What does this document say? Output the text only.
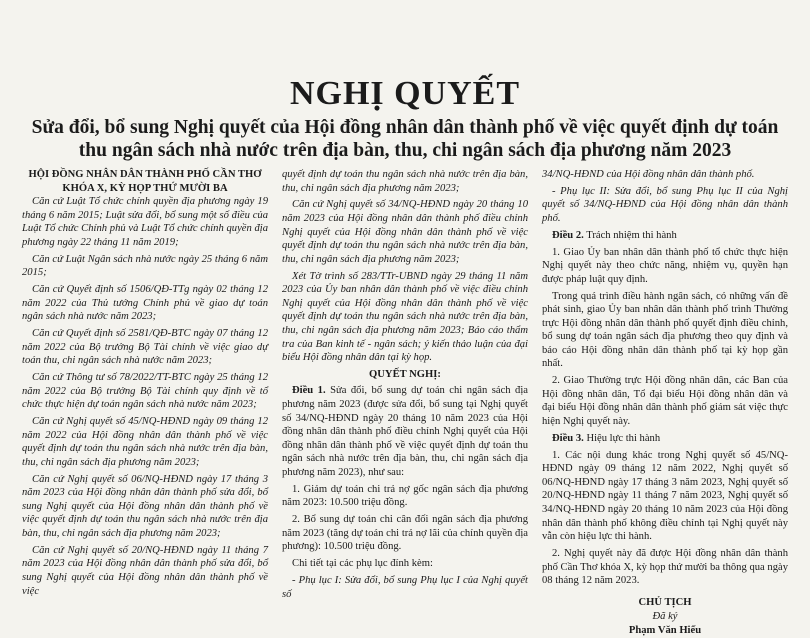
NGHỊ QUYẾT
Sửa đổi, bổ sung Nghị quyết của Hội đồng nhân dân thành phố về việc quyết định dự toán
thu ngân sách nhà nước trên địa bàn, thu, chi ngân sách địa phương năm 2023

HỘI ĐỒNG NHÂN DÂN THÀNH PHỐ CẦN THƠ

KHÓA X, KỲ HỌP THỨ MƯỜI BA

Căn cứ Luật Tổ chức chính quyền địa phương ngày 19 tháng 6 năm 2015; Luật sửa đổi, bổ sung một số điều của Luật Tổ chức Chính phủ và Luật Tổ chức chính quyền địa phương ngày 22 tháng 11 năm 2019;

Căn cứ Luật Ngân sách nhà nước ngày 25 tháng 6 năm 2015;

Căn cứ Quyết định số 1506/QĐ-TTg ngày 02 tháng 12 năm 2022 của Thủ tướng Chính phủ về giao dự toán ngân sách nhà nước năm 2023;

Căn cứ Quyết định số 2581/QĐ-BTC ngày 07 tháng 12 năm 2022 của Bộ trưởng Bộ Tài chính về việc giao dự toán thu, chi ngân sách nhà nước năm 2023;

Căn cứ Thông tư số 78/2022/TT-BTC ngày 25 tháng 12 năm 2022 của Bộ trưởng Bộ Tài chính quy định về tổ chức thực hiện dự toán ngân sách nhà nước năm 2023;

Căn cứ Nghị quyết số 45/NQ-HĐND ngày 09 tháng 12 năm 2022 của Hội đồng nhân dân thành phố về việc quyết định dự toán thu ngân sách nhà nước trên địa bàn, thu, chi ngân sách địa phương năm 2023;

Căn cứ Nghị quyết số 06/NQ-HĐND ngày 17 tháng 3 năm 2023 của Hội đồng nhân dân thành phố sửa đổi, bổ sung Nghị quyết của Hội đồng nhân dân thành phố về việc quyết định dự toán thu ngân sách nhà nước trên địa bàn, thu, chi ngân sách địa phương năm 2023;

Căn cứ Nghị quyết số 20/NQ-HĐND ngày 11 tháng 7 năm 2023 của Hội đồng nhân dân thành phố sửa đổi, bổ sung Nghị quyết của Hội đồng nhân dân thành phố về việc

quyết định dự toán thu ngân sách nhà nước trên địa bàn, thu, chi ngân sách địa phương năm 2023;

Căn cứ Nghị quyết số 34/NQ-HĐND ngày 20 tháng 10 năm 2023 của Hội đồng nhân dân thành phố điều chỉnh Nghị quyết của Hội đồng nhân dân thành phố về việc quyết định dự toán thu ngân sách nhà nước trên địa bàn, thu, chi ngân sách địa phương năm 2023;

Xét Tờ trình số 283/TTr-UBND ngày 29 tháng 11 năm 2023 của Ủy ban nhân dân thành phố về việc điều chỉnh Nghị quyết của Hội đồng nhân dân thành phố về việc quyết định dự toán thu ngân sách nhà nước trên địa bàn, thu, chi ngân sách địa phương năm 2023; Báo cáo thẩm tra của Ban kinh tế - ngân sách; ý kiến thảo luận của đại biểu Hội đồng nhân dân tại kỳ họp.

QUYẾT NGHỊ:

Điều 1. Sửa đổi, bổ sung dự toán chi ngân sách địa phương năm 2023 (được sửa đổi, bổ sung tại Nghị quyết số 34/NQ-HĐND ngày 20 tháng 10 năm 2023 của Hội đồng nhân dân thành phố điều chỉnh Nghị quyết của Hội đồng nhân dân thành phố về việc quyết định dự toán thu ngân sách nhà nước trên địa bàn, thu, chi ngân sách địa phương năm 2023), như sau:

1. Giảm dự toán chi trả nợ gốc ngân sách địa phương năm 2023: 10.500 triệu đồng.

2. Bổ sung dự toán chi cân đối ngân sách địa phương năm 2023 (tăng dự toán chi trả nợ lãi của chính quyền địa phương): 10.500 triệu đồng.

Chi tiết tại các phụ lục đính kèm:

- Phụ lục I: Sửa đổi, bổ sung Phụ lục I của Nghị quyết số

34/NQ-HĐND của Hội đồng nhân dân thành phố.

- Phụ lục II: Sửa đổi, bổ sung Phụ lục II của Nghị quyết số 34/NQ-HĐND của Hội đồng nhân dân thành phố.

Điều 2. Trách nhiệm thi hành

1. Giao Ủy ban nhân dân thành phố tổ chức thực hiện Nghị quyết này theo chức năng, nhiệm vụ, quyền hạn được pháp luật quy định.

Trong quá trình điều hành ngân sách, có những vấn đề phát sinh, giao Ủy ban nhân dân thành phố trình Thường trực Hội đồng nhân dân thành phố quyết định điều chỉnh, bổ sung dự toán ngân sách địa phương theo quy định và báo cáo Hội đồng nhân dân thành phố tại kỳ họp gần nhất.

2. Giao Thường trực Hội đồng nhân dân, các Ban của Hội đồng nhân dân, Tổ đại biểu Hội đồng nhân dân và đại biểu Hội đồng nhân dân thành phố giám sát việc thực hiện Nghị quyết này.

Điều 3. Hiệu lực thi hành

1. Các nội dung khác trong Nghị quyết số 45/NQ-HĐND ngày 09 tháng 12 năm 2022, Nghị quyết số 06/NQ-HĐND ngày 17 tháng 3 năm 2023, Nghị quyết số 20/NQ-HĐND ngày 11 tháng 7 năm 2023, Nghị quyết số 34/NQ-HĐND ngày 20 tháng 10 năm 2023 của Hội đồng nhân dân thành phố không điều chỉnh tại Nghị quyết này vẫn còn hiệu lực thi hành.

2. Nghị quyết này đã được Hội đồng nhân dân thành phố Cần Thơ khóa X, kỳ họp thứ mười ba thông qua ngày 08 tháng 12 năm 2023.

CHỦ TỊCH
Đã ký
Phạm Văn Hiếu
